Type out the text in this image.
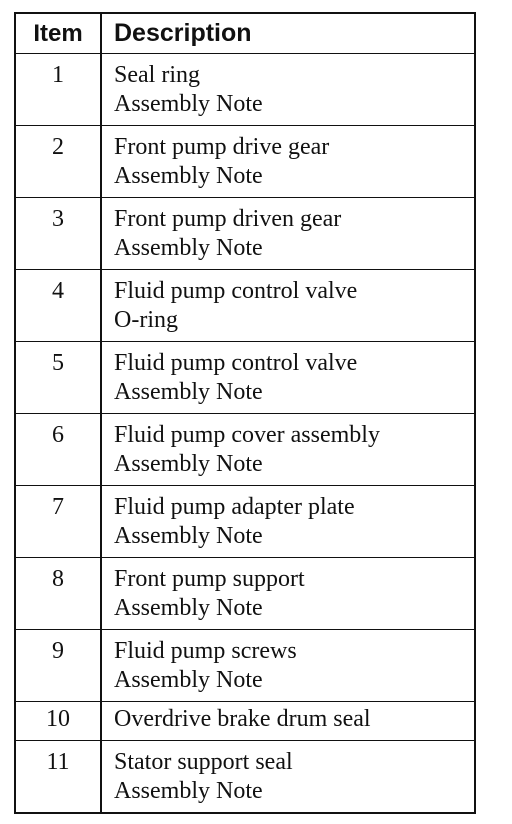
Item	Description
1	Seal ring
Assembly Note
2	Front pump drive gear
Assembly Note
3	Front pump driven gear
Assembly Note
4	Fluid pump control valve
O-ring
5	Fluid pump control valve
Assembly Note
6	Fluid pump cover assembly
Assembly Note
7	Fluid pump adapter plate
Assembly Note
8	Front pump support
Assembly Note
9	Fluid pump screws
Assembly Note
10	Overdrive brake drum seal
11	Stator support seal
Assembly Note
